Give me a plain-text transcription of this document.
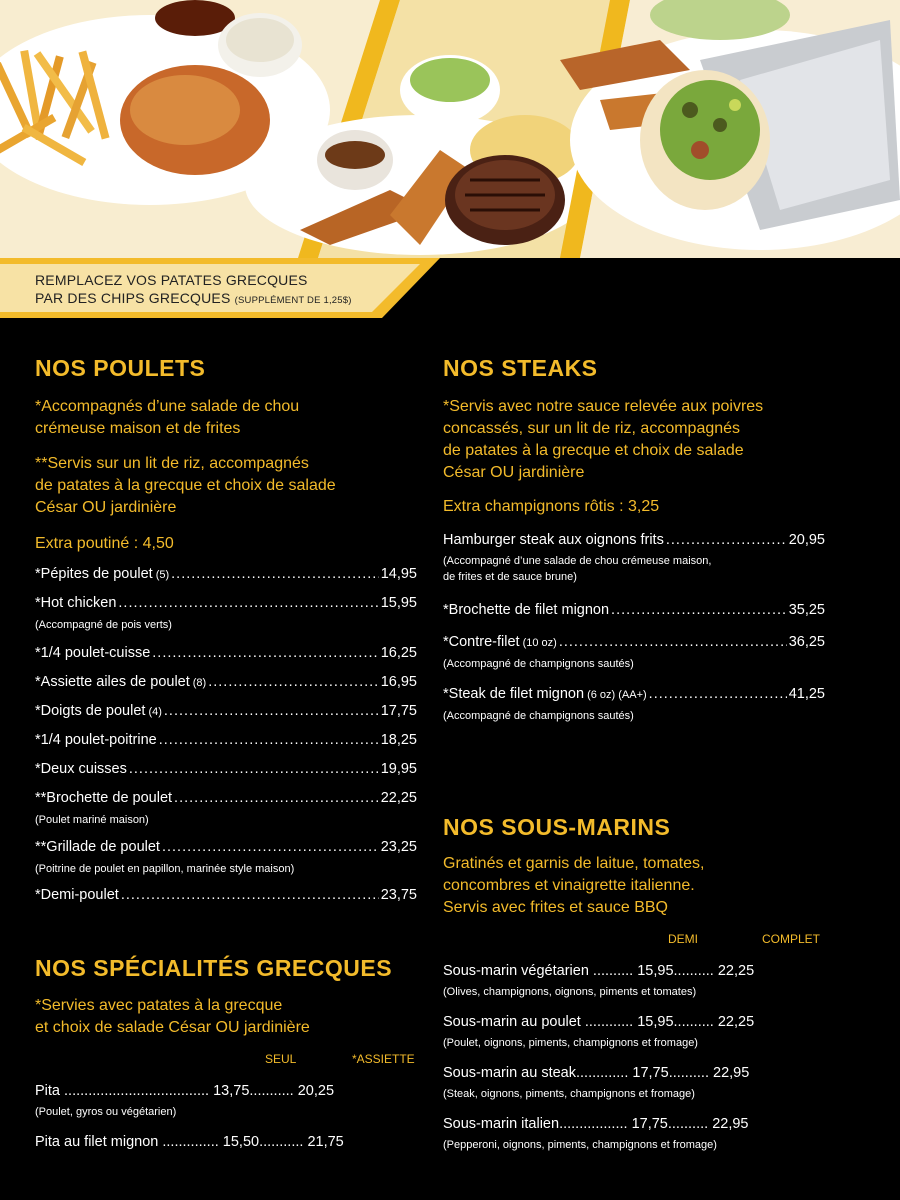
REMPLACEZ VOS PATATES GRECQUES
PAR DES CHIPS GRECQUES (SUPPLÉMENT DE 1,25$)
NOS POULETS
*Accompagnés d’une salade de chou
crémeuse maison et de frites
**Servis sur un lit de riz, accompagnés
de patates à la grecque et choix de salade
César OU jardinière
Extra poutiné : 4,50
*Pépites de poulet (5) .....	14,95
*Hot chicken .....	15,95
(Accompagné de pois verts)
*1/4 poulet-cuisse .....	16,25
*Assiette ailes de poulet (8) .....	16,95
*Doigts de poulet (4) .....	17,75
*1/4 poulet-poitrine .....	18,25
*Deux cuisses .....	19,95
**Brochette de poulet .....	22,25
(Poulet mariné maison)
**Grillade de poulet .....	23,25
(Poitrine de poulet en papillon, marinée style maison)
*Demi-poulet .....	23,75
NOS SPÉCIALITÉS GRECQUES
*Servies avec patates à la grecque
et choix de salade César OU jardinière
SEUL	*ASSIETTE
Pita .................................... 13,75........... 20,25
(Poulet, gyros ou végétarien)
Pita au filet mignon .............. 15,50........... 21,75
NOS STEAKS
*Servis avec notre sauce relevée aux poivres
concassés, sur un lit de riz, accompagnés
de patates à la grecque et choix de salade
César OU jardinière
Extra champignons rôtis : 3,25
Hamburger steak aux oignons frits .....	20,95
(Accompagné d’une salade de chou crémeuse maison,
de frites et de sauce brune)
*Brochette de filet mignon .....	35,25
*Contre-filet (10 oz) .....	36,25
(Accompagné de champignons sautés)
*Steak de filet mignon (6 oz) (AA+) .....	41,25
(Accompagné de champignons sautés)
NOS SOUS-MARINS
Gratinés et garnis de laitue, tomates,
concombres et vinaigrette italienne.
Servis avec frites et sauce BBQ
DEMI	COMPLET
Sous-marin végétarien .......... 15,95.......... 22,25
(Olives, champignons, oignons, piments et tomates)
Sous-marin au poulet ............ 15,95.......... 22,25
(Poulet, oignons, piments, champignons et fromage)
Sous-marin au steak............. 17,75.......... 22,95
(Steak, oignons, piments, champignons et fromage)
Sous-marin italien................. 17,75.......... 22,95
(Pepperoni, oignons, piments, champignons et fromage)
